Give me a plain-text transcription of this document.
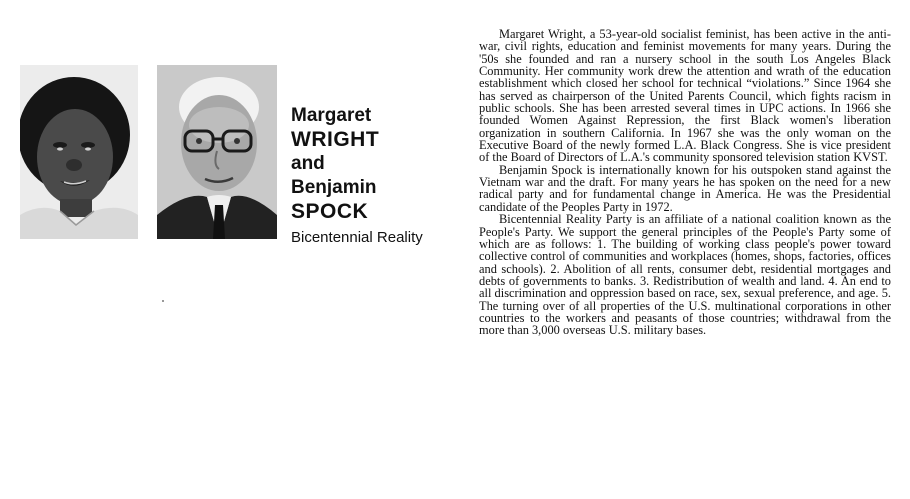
Margaret
WRIGHT
and
Benjamin
SPOCK
Bicentennial Reality

Margaret Wright, a 53-year-old socialist feminist, has been active in the anti-war, civil rights, education and feminist movements for many years. During the '50s she founded and ran a nursery school in the south Los Angeles Black Community. Her community work drew the attention and wrath of the education establishment which closed her school for technical “violations.” Since 1964 she has served as chairperson of the United Parents Council, which fights racism in public schools. She has been arrested several times in UPC actions. In 1966 she founded Women Against Repression, the first Black women's liberation organization in southern California. In 1967 she was the only woman on the Executive Board of the newly formed L.A. Black Congress. She is vice president of the Board of Directors of L.A.'s community sponsored television station KVST.

Benjamin Spock is internationally known for his outspoken stand against the Vietnam war and the draft. For many years he has spoken on the need for a new radical party and for fundamental change in America. He was the Presidential candidate of the Peoples Party in 1972.

Bicentennial Reality Party is an affiliate of a national coalition known as the People's Party. We support the general principles of the People's Party some of which are as follows: 1. The building of working class people's power toward collective control of communities and workplaces (homes, shops, factories, offices and schools). 2. Abolition of all rents, consumer debt, residential mortgages and debts of governments to banks. 3. Redistribution of wealth and land. 4. An end to all discrimination and oppression based on race, sex, sexual preference, and age. 5. The turning over of all properties of the U.S. multinational corporations in other countries to the workers and peasants of those countries; withdrawal from the more than 3,000 overseas U.S. military bases.
